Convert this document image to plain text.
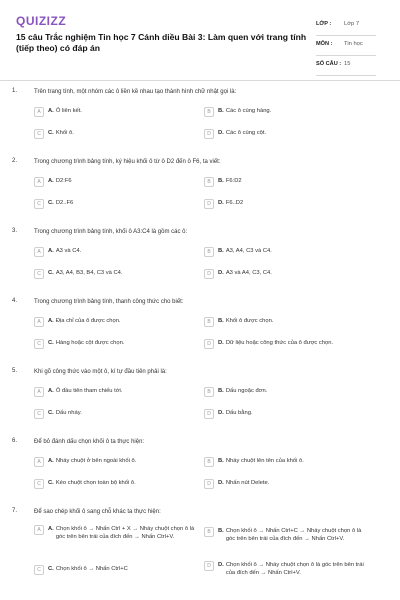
QUIZIZZ
15 câu Trắc nghiệm Tin học 7 Cánh diều Bài 3: Làm quen với trang tính (tiếp theo) có đáp án
LỚP :	Lớp 7
MÔN :	Tin học
SỐ CÂU : 15
1.	Trên trang tính, một nhóm các ô liền kề nhau tạo thành hình chữ nhật gọi là:
A	A. Ô liên kết.	B	B. Các ô cùng hàng.
C	C. Khối ô.	D	D. Các ô cùng cột.
2.	Trong chương trình bảng tính, ký hiệu khối ô từ ô D2 đến ô F6, ta viết:
A	A. D2:F6	B	B. F6:D2
C	C. D2..F6	D	D. F6..D2
3.	Trong chương trình bảng tính, khối ô A3:C4 là gồm các ô:
A	A. A3 và C4.	B	B. A3, A4, C3 và C4.
C	C. A3, A4, B3, B4, C3 và C4.	D	D. A3 và A4, C3, C4.
4.	Trong chương trình bảng tính, thanh công thức cho biết:
A	A. Địa chỉ của ô được chọn.	B	B. Khối ô được chọn.
C	C. Hàng hoặc cột được chọn.	D	D. Dữ liệu hoặc công thức của ô được chọn.
5.	Khi gõ công thức vào một ô, kí tự đầu tiên phải là:
A	A. Ô đầu tiên tham chiếu tới.	B	B. Dấu ngoặc đơn.
C	C. Dấu nháy.	D	D. Dấu bằng.
6.	Để bỏ đánh dấu chọn khối ô ta thực hiện:
A	A. Nháy chuột ở bên ngoài khối ô.	B	B. Nháy chuột lên tên của khối ô.
C	C. Kéo chuột chọn toàn bộ khối ô.	D	D. Nhấn nút Delete.
7.	Để sao chép khối ô sang chỗ khác ta thực hiện:
A	A. Chọn khối ô → Nhấn Ctrl + X → Nháy chuột chọn ô là góc trên bên trái của đích đến → Nhấn Ctrl+V.
B	B. Chọn khối ô → Nhấn Ctrl+C → Nháy chuột chọn ô là góc trên bên trái của đích đến → Nhấn Ctrl+V.
C	C. Chọn khối ô → Nhấn Ctrl+C	D	D. Chọn khối ô → Nháy chuột chọn ô là góc trên bên trái của đích đến → Nhấn Ctrl+V.
